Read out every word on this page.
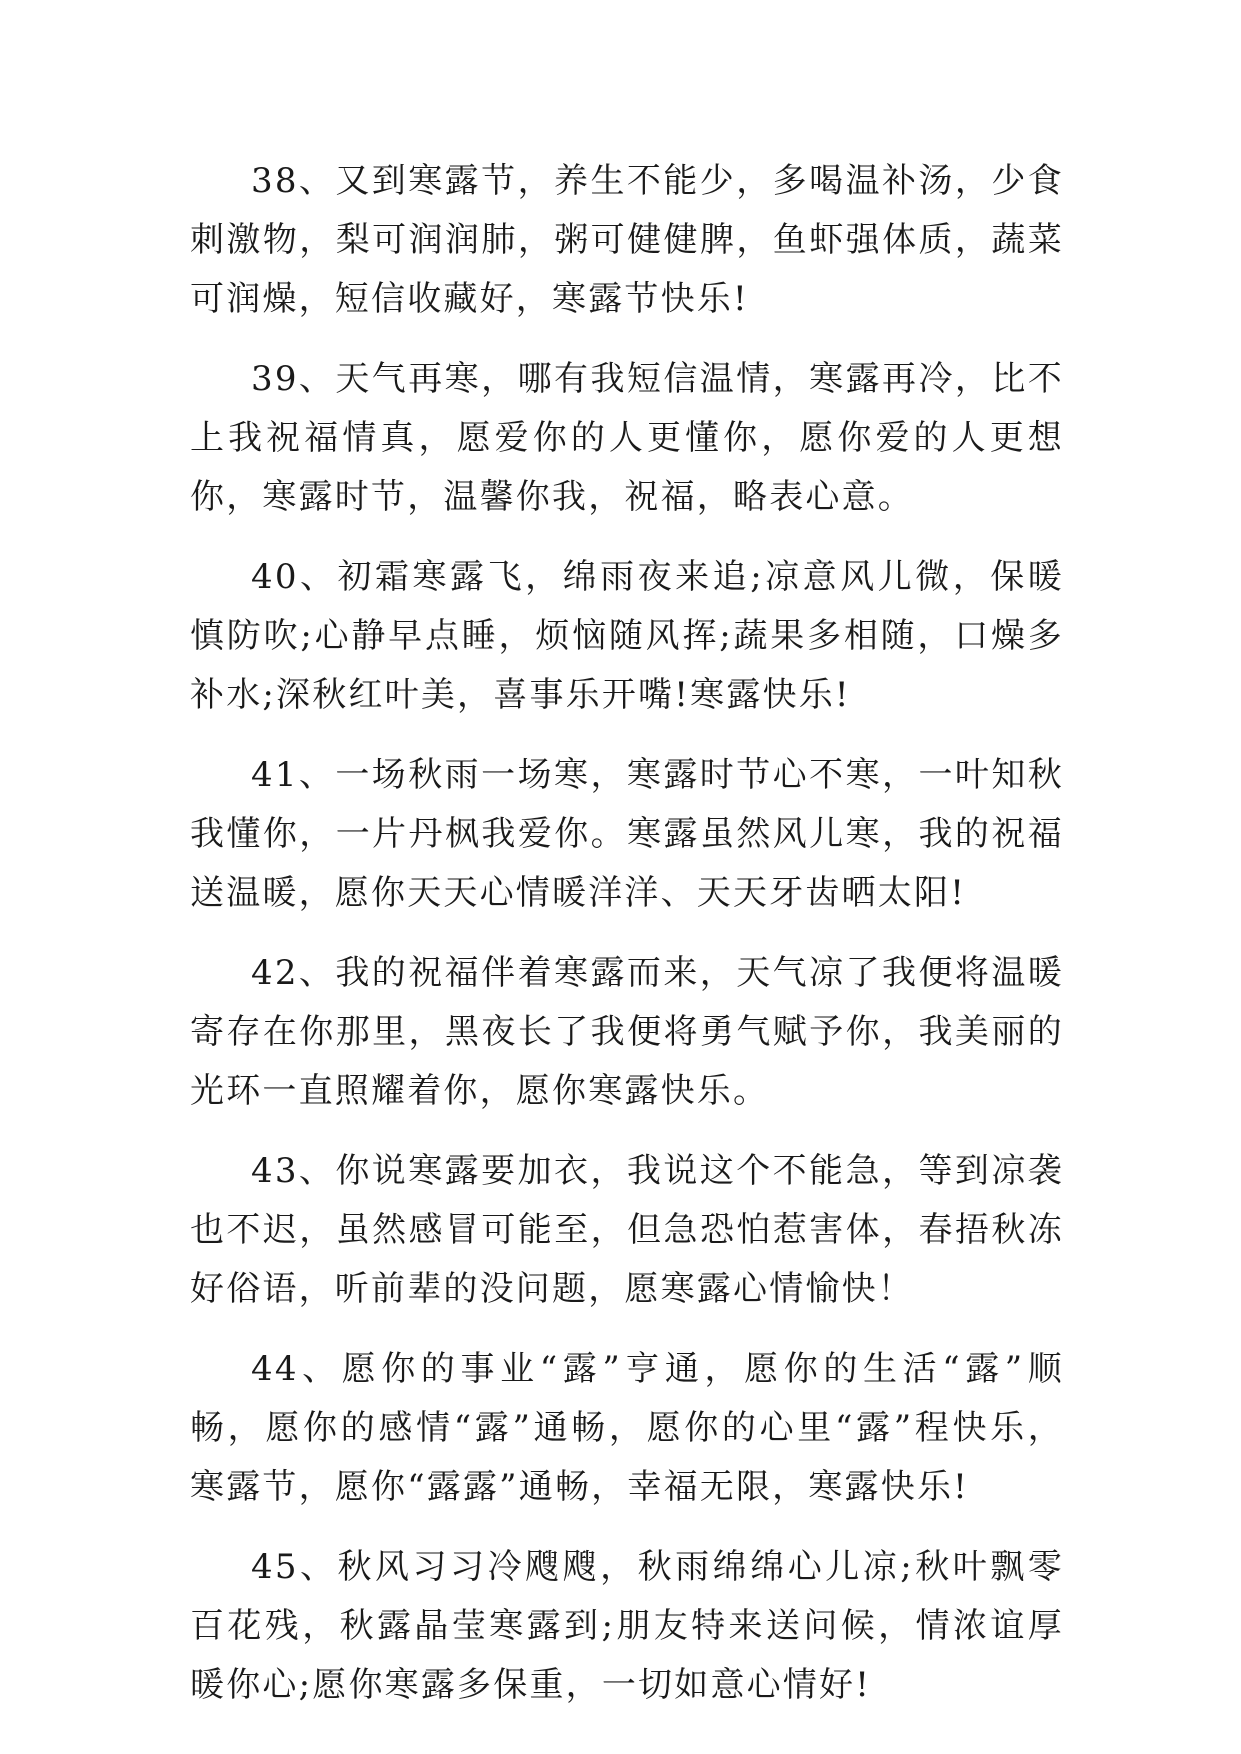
38、又到寒露节，养生不能少，多喝温补汤，少食刺激物，梨可润润肺，粥可健健脾，鱼虾强体质，蔬菜可润燥，短信收藏好，寒露节快乐!

39、天气再寒，哪有我短信温情，寒露再冷，比不上我祝福情真，愿爱你的人更懂你，愿你爱的人更想你，寒露时节，温馨你我，祝福，略表心意。

40、初霜寒露飞，绵雨夜来追;凉意风儿微，保暖慎防吹;心静早点睡，烦恼随风挥;蔬果多相随，口燥多补水;深秋红叶美，喜事乐开嘴!寒露快乐!

41、一场秋雨一场寒，寒露时节心不寒，一叶知秋我懂你，一片丹枫我爱你。寒露虽然风儿寒，我的祝福送温暖，愿你天天心情暖洋洋、天天牙齿晒太阳!

42、我的祝福伴着寒露而来，天气凉了我便将温暖寄存在你那里，黑夜长了我便将勇气赋予你，我美丽的光环一直照耀着你，愿你寒露快乐。

43、你说寒露要加衣，我说这个不能急，等到凉袭也不迟，虽然感冒可能至，但急恐怕惹害体，春捂秋冻好俗语，听前辈的没问题，愿寒露心情愉快！

44、愿你的事业“露”亨通，愿你的生活“露”顺畅，愿你的感情“露”通畅，愿你的心里“露”程快乐，寒露节，愿你“露露”通畅，幸福无限，寒露快乐!

45、秋风习习冷飕飕，秋雨绵绵心儿凉;秋叶飘零百花残，秋露晶莹寒露到;朋友特来送问候，情浓谊厚暖你心;愿你寒露多保重，一切如意心情好!
